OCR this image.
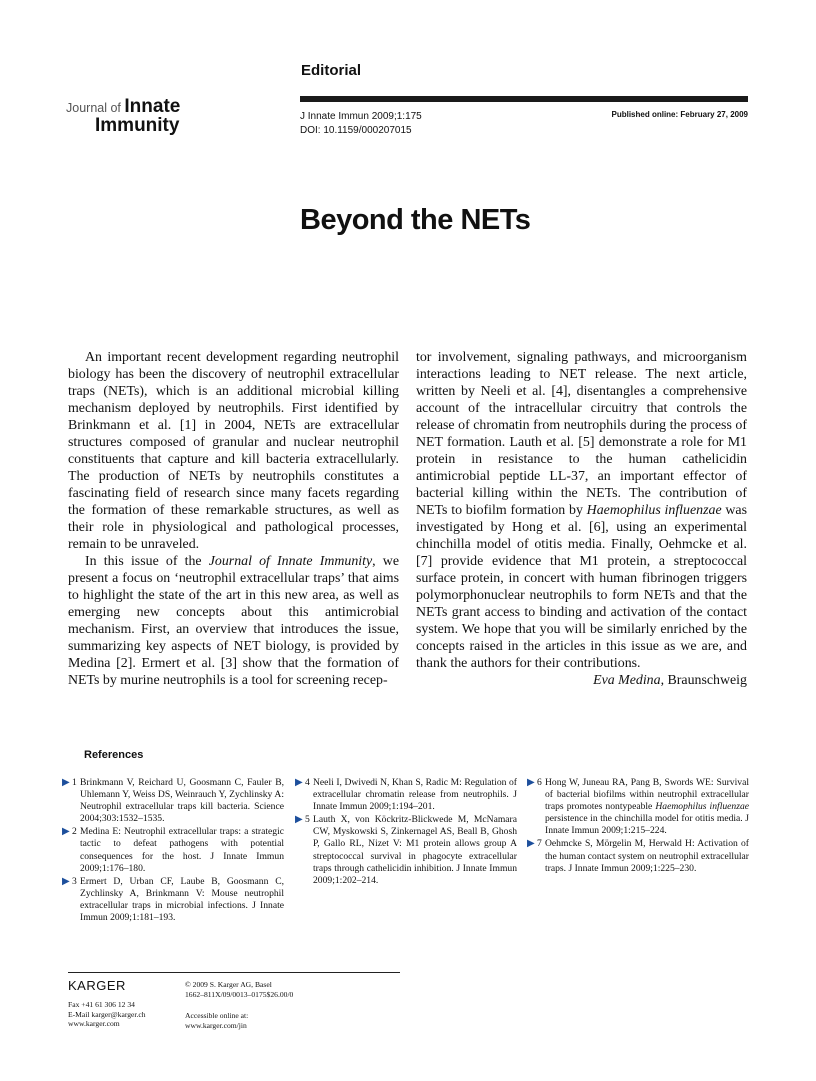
Editorial
Journal of Innate
Immunity	J Innate Immun 2009;1:175
DOI: 10.1159/000207015
Published online: February 27, 2009
Beyond the NETs

An important recent development regarding neutrophil biology has been the discovery of neutrophil extracellular traps (NETs), which is an additional microbial killing mechanism deployed by neutrophils. First identified by Brinkmann et al. [1] in 2004, NETs are extracellular structures composed of granular and nuclear neutrophil constituents that capture and kill bacteria extracellularly. The production of NETs by neutrophils constitutes a fascinating field of research since many facets regarding the formation of these remarkable structures, as well as their role in physiological and pathological processes, remain to be unraveled.

In this issue of the Journal of Innate Immunity, we present a focus on ‘neutrophil extracellular traps’ that aims to highlight the state of the art in this new area, as well as emerging new concepts about this antimicrobial mechanism. First, an overview that introduces the issue, summarizing key aspects of NET biology, is provided by Medina [2]. Ermert et al. [3] show that the formation of NETs by murine neutrophils is a tool for screening recep-

tor involvement, signaling pathways, and microorganism interactions leading to NET release. The next article, written by Neeli et al. [4], disentangles a comprehensive account of the intracellular circuitry that controls the release of chromatin from neutrophils during the process of NET formation. Lauth et al. [5] demonstrate a role for M1 protein in resistance to the human cathelicidin antimicrobial peptide LL-37, an important effector of bacterial killing within the NETs. The contribution of NETs to biofilm formation by Haemophilus influenzae was investigated by Hong et al. [6], using an experimental chinchilla model of otitis media. Finally, Oehmcke et al. [7] provide evidence that M1 protein, a streptococcal surface protein, in concert with human fibrinogen triggers polymorphonuclear neutrophils to form NETs and that the NETs grant access to binding and activation of the contact system. We hope that you will be similarly enriched by the concepts raised in the articles in this issue as we are, and thank the authors for their contributions.

Eva Medina, Braunschweig
References
▶ 1 Brinkmann V, Reichard U, Goosmann C, Fauler B, Uhlemann Y, Weiss DS, Weinrauch Y, Zychlinsky A: Neutrophil extracellular traps kill bacteria. Science 2004;303:1532–1535.
▶ 2 Medina E: Neutrophil extracellular traps: a strategic tactic to defeat pathogens with potential consequences for the host. J Innate Immun 2009;1:176–180.
▶ 3 Ermert D, Urban CF, Laube B, Goosmann C, Zychlinsky A, Brinkmann V: Mouse neutrophil extracellular traps in microbial infections. J Innate Immun 2009;1:181–193.
▶ 4 Neeli I, Dwivedi N, Khan S, Radic M: Regulation of extracellular chromatin release from neutrophils. J Innate Immun 2009;1:194–201.
▶ 5 Lauth X, von Köckritz-Blickwede M, McNamara CW, Myskowski S, Zinkernagel AS, Beall B, Ghosh P, Gallo RL, Nizet V: M1 protein allows group A streptococcal survival in phagocyte extracellular traps through cathelicidin inhibition. J Innate Immun 2009;1:202–214.
▶ 6 Hong W, Juneau RA, Pang B, Swords WE: Survival of bacterial biofilms within neutrophil extracellular traps promotes nontypeable Haemophilus influenzae persistence in the chinchilla model for otitis media. J Innate Immun 2009;1:215–224.
▶ 7 Oehmcke S, Mörgelin M, Herwald H: Activation of the human contact system on neutrophil extracellular traps. J Innate Immun 2009;1:225–230.
KARGER
Fax +41 61 306 12 34
E-Mail karger@karger.ch
www.karger.com
© 2009 S. Karger AG, Basel
1662–811X/09/0013–0175$26.00/0
Accessible online at:
www.karger.com/jin
